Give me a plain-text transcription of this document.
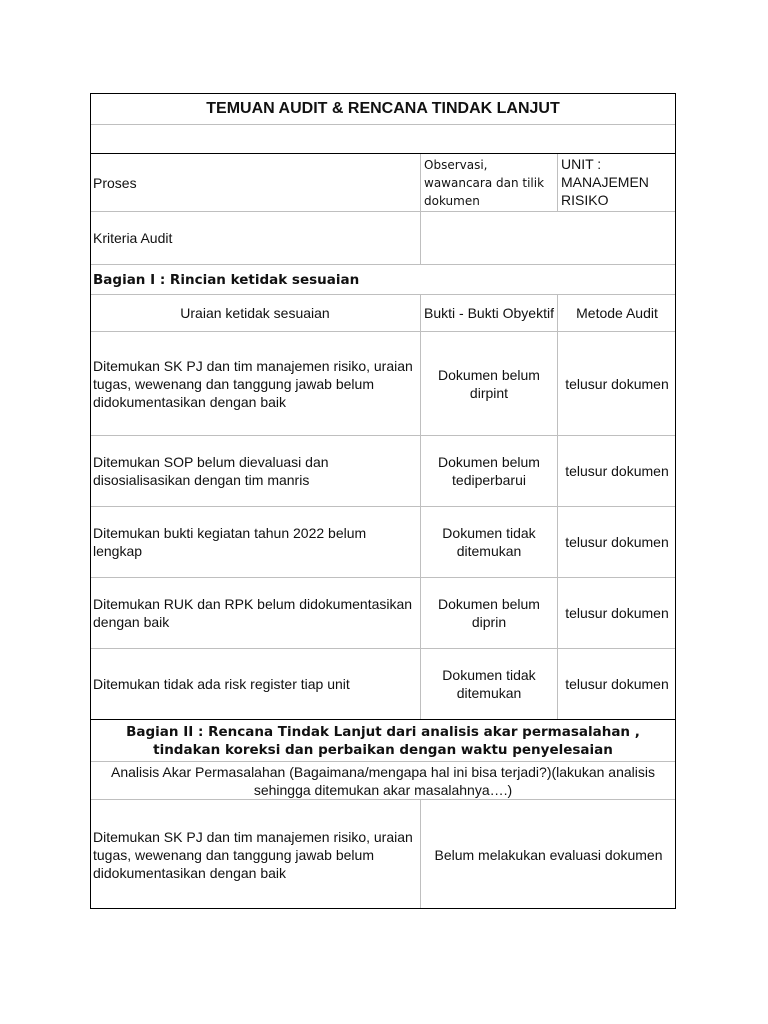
TEMUAN AUDIT & RENCANA TINDAK LANJUT
Proses
Observasi, wawancara dan tilik dokumen
UNIT : MANAJEMEN RISIKO
Kriteria Audit
Bagian I : Rincian ketidak sesuaian
Uraian ketidak sesuaian	Bukti - Bukti Obyektif	Metode Audit
Ditemukan SK PJ dan tim manajemen risiko, uraian tugas, wewenang dan tanggung jawab belum didokumentasikan dengan baik
Dokumen belum dirpint
telusur dokumen
Ditemukan SOP belum dievaluasi dan disosialisasikan dengan tim manris
Dokumen belum tediperbarui
telusur dokumen
Ditemukan bukti kegiatan tahun 2022 belum lengkap
Dokumen tidak ditemukan
telusur dokumen
Ditemukan RUK dan RPK belum didokumentasikan dengan baik
Dokumen belum diprin
telusur dokumen
Ditemukan tidak ada risk register tiap unit
Dokumen tidak ditemukan
telusur dokumen
Bagian II : Rencana Tindak Lanjut dari analisis akar permasalahan , tindakan koreksi dan perbaikan dengan waktu penyelesaian
Analisis Akar Permasalahan (Bagaimana/mengapa hal ini bisa terjadi?)(lakukan analisis sehingga ditemukan akar masalahnya….)
Ditemukan SK PJ dan tim manajemen risiko, uraian tugas, wewenang dan tanggung jawab belum didokumentasikan dengan baik
Belum melakukan evaluasi dokumen
